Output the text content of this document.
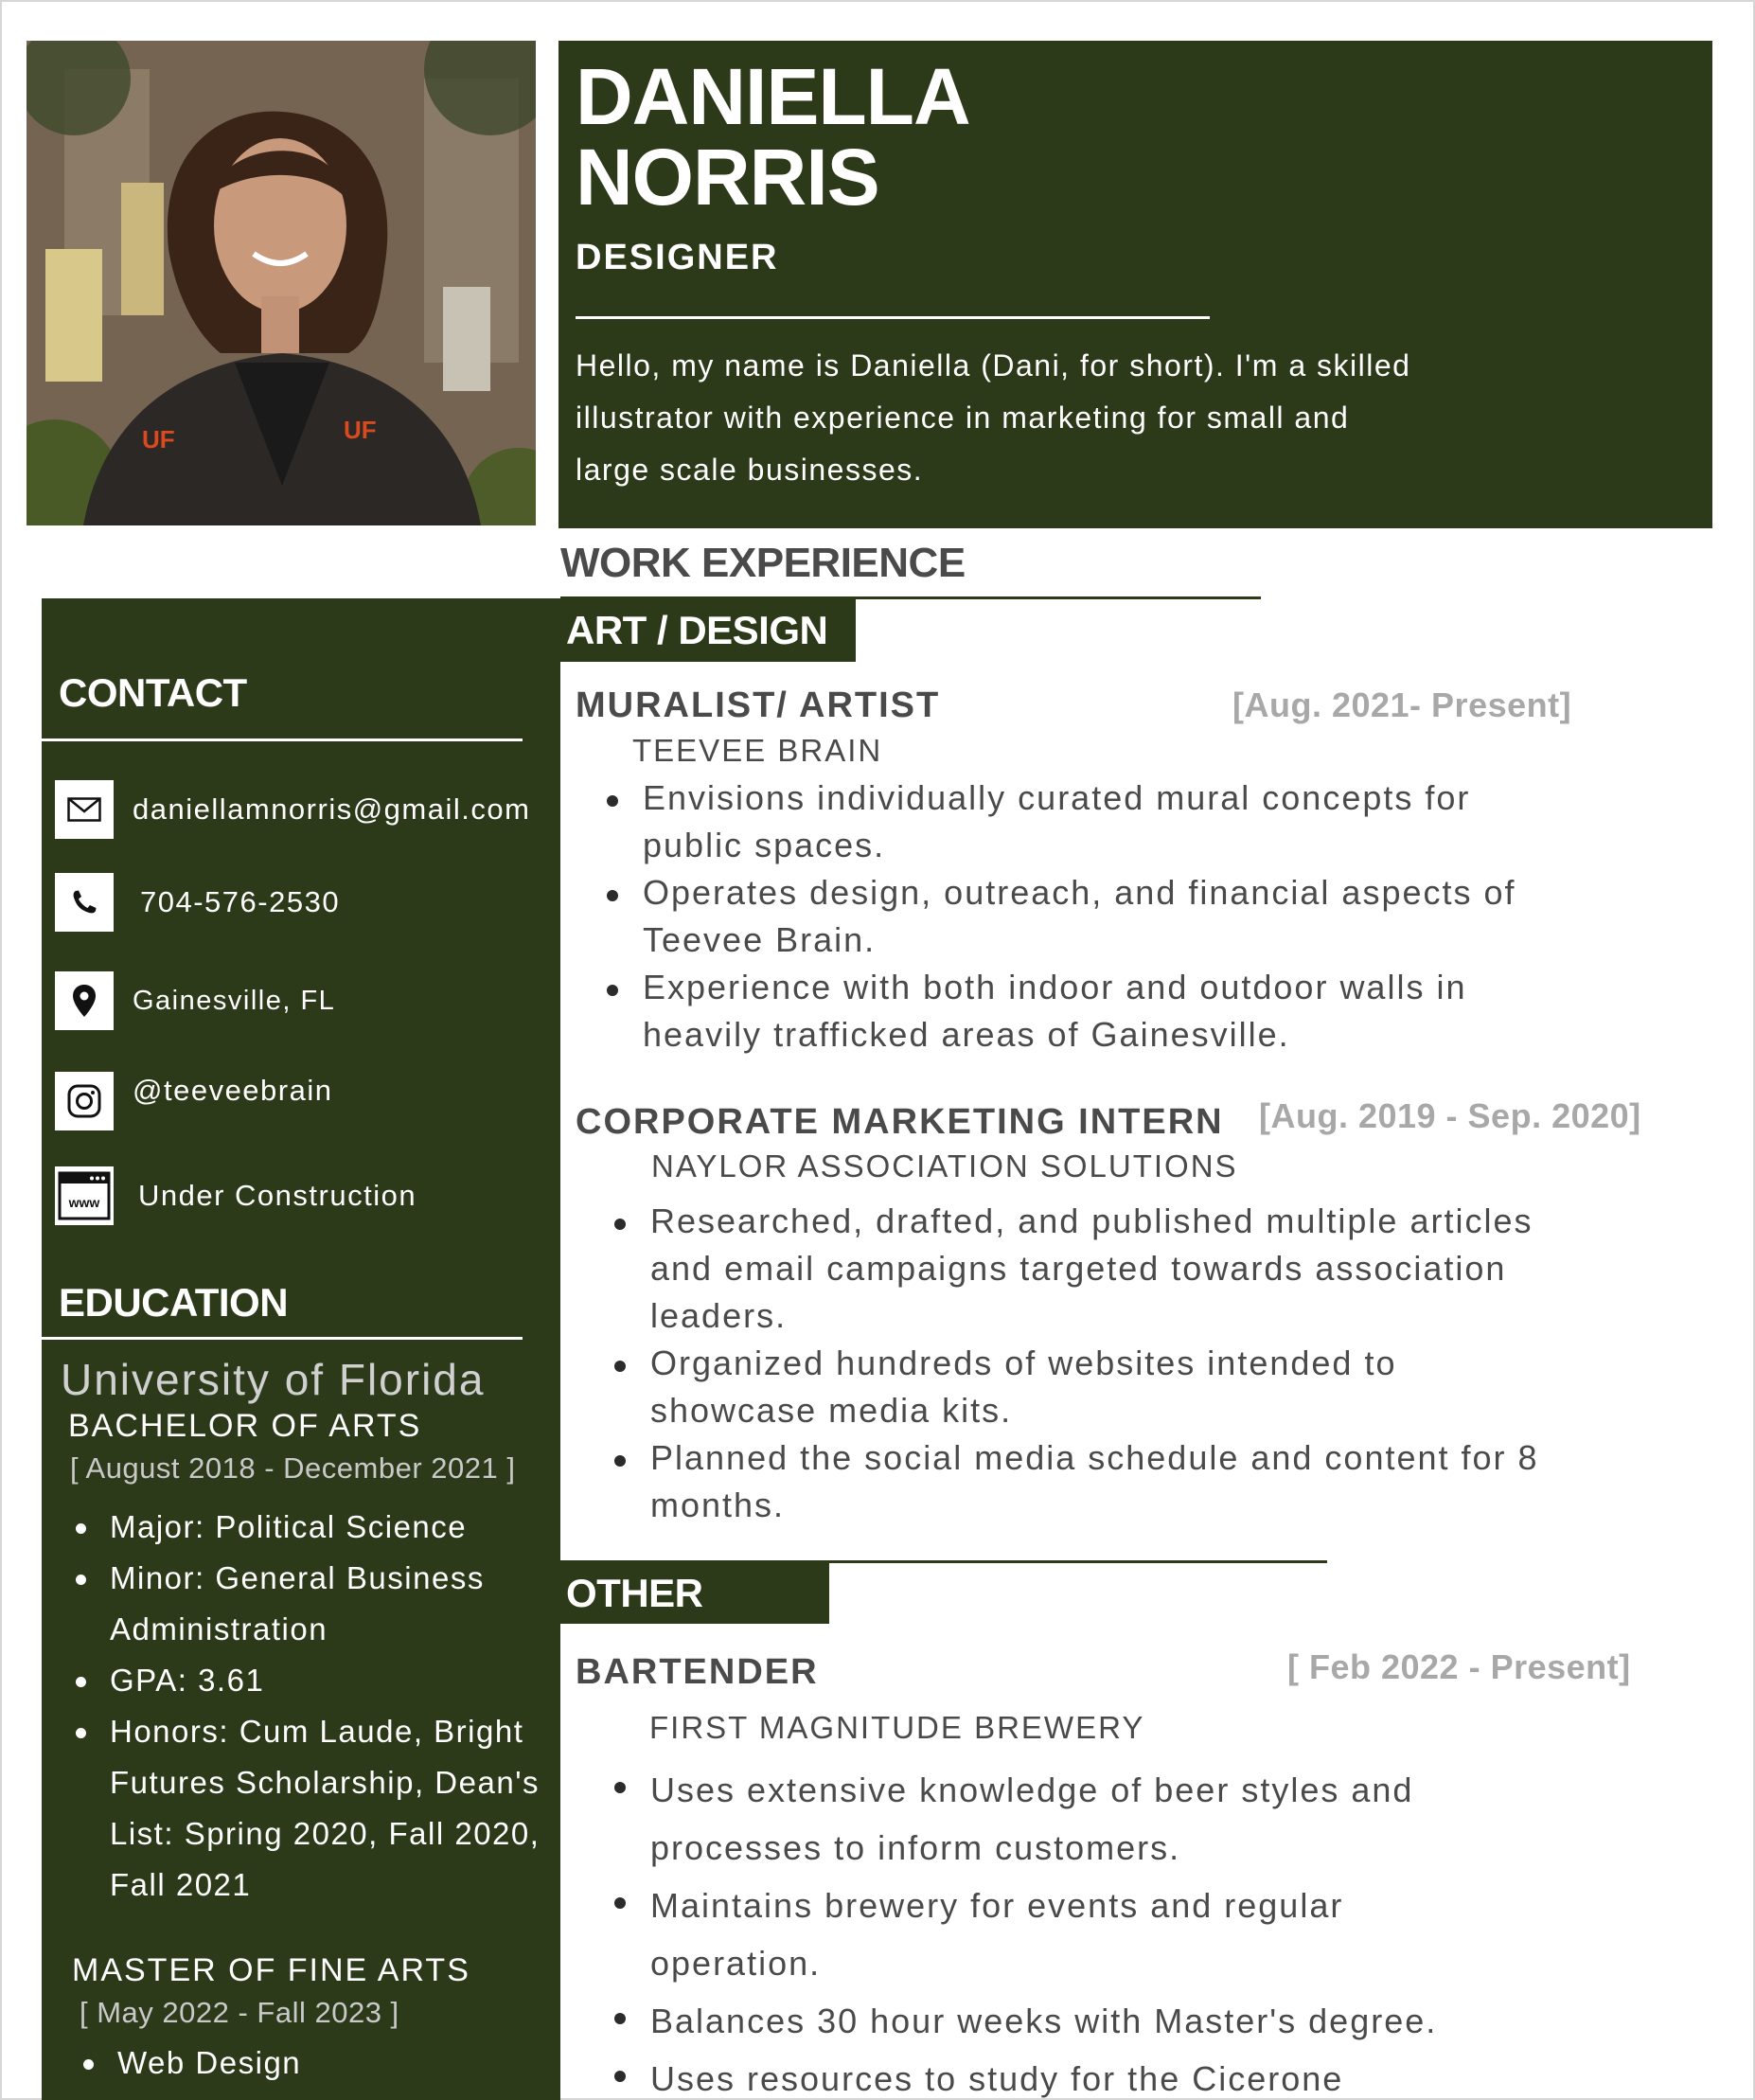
UF	UF
DANIELLA
NORRIS
DESIGNER
Hello, my name is Daniella (Dani, for short). I'm a skilled illustrator with experience in marketing for small and large scale businesses.
CONTACT
daniellamnorris@gmail.com
704-576-2530
Gainesville, FL
@teeveebrain
www Under Construction
EDUCATION
University of Florida
BACHELOR OF ARTS
[ August 2018 - December 2021 ]
Major: Political Science
Minor: General Business Administration
GPA: 3.61
Honors: Cum Laude, Bright Futures Scholarship, Dean's List: Spring 2020, Fall 2020, Fall 2021
MASTER OF FINE ARTS
[ May 2022 - Fall 2023 ]
Web Design
WORK EXPERIENCE
ART / DESIGN
MURALIST/ ARTIST	[Aug. 2021- Present]
TEEVEE BRAIN
Envisions individually curated mural concepts for public spaces.
Operates design, outreach, and financial aspects of Teevee Brain.
Experience with both indoor and outdoor walls in heavily trafficked areas of Gainesville.
CORPORATE MARKETING INTERN [Aug. 2019 - Sep. 2020]
NAYLOR ASSOCIATION SOLUTIONS
Researched, drafted, and published multiple articles and email campaigns targeted towards association leaders.
Organized hundreds of websites intended to showcase media kits.
Planned the social media schedule and content for 8 months.
OTHER
BARTENDER	[ Feb 2022 - Present]
FIRST MAGNITUDE BREWERY
Uses extensive knowledge of beer styles and processes to inform customers.
Maintains brewery for events and regular operation.
Balances 30 hour weeks with Master's degree.
Uses resources to study for the Cicerone
